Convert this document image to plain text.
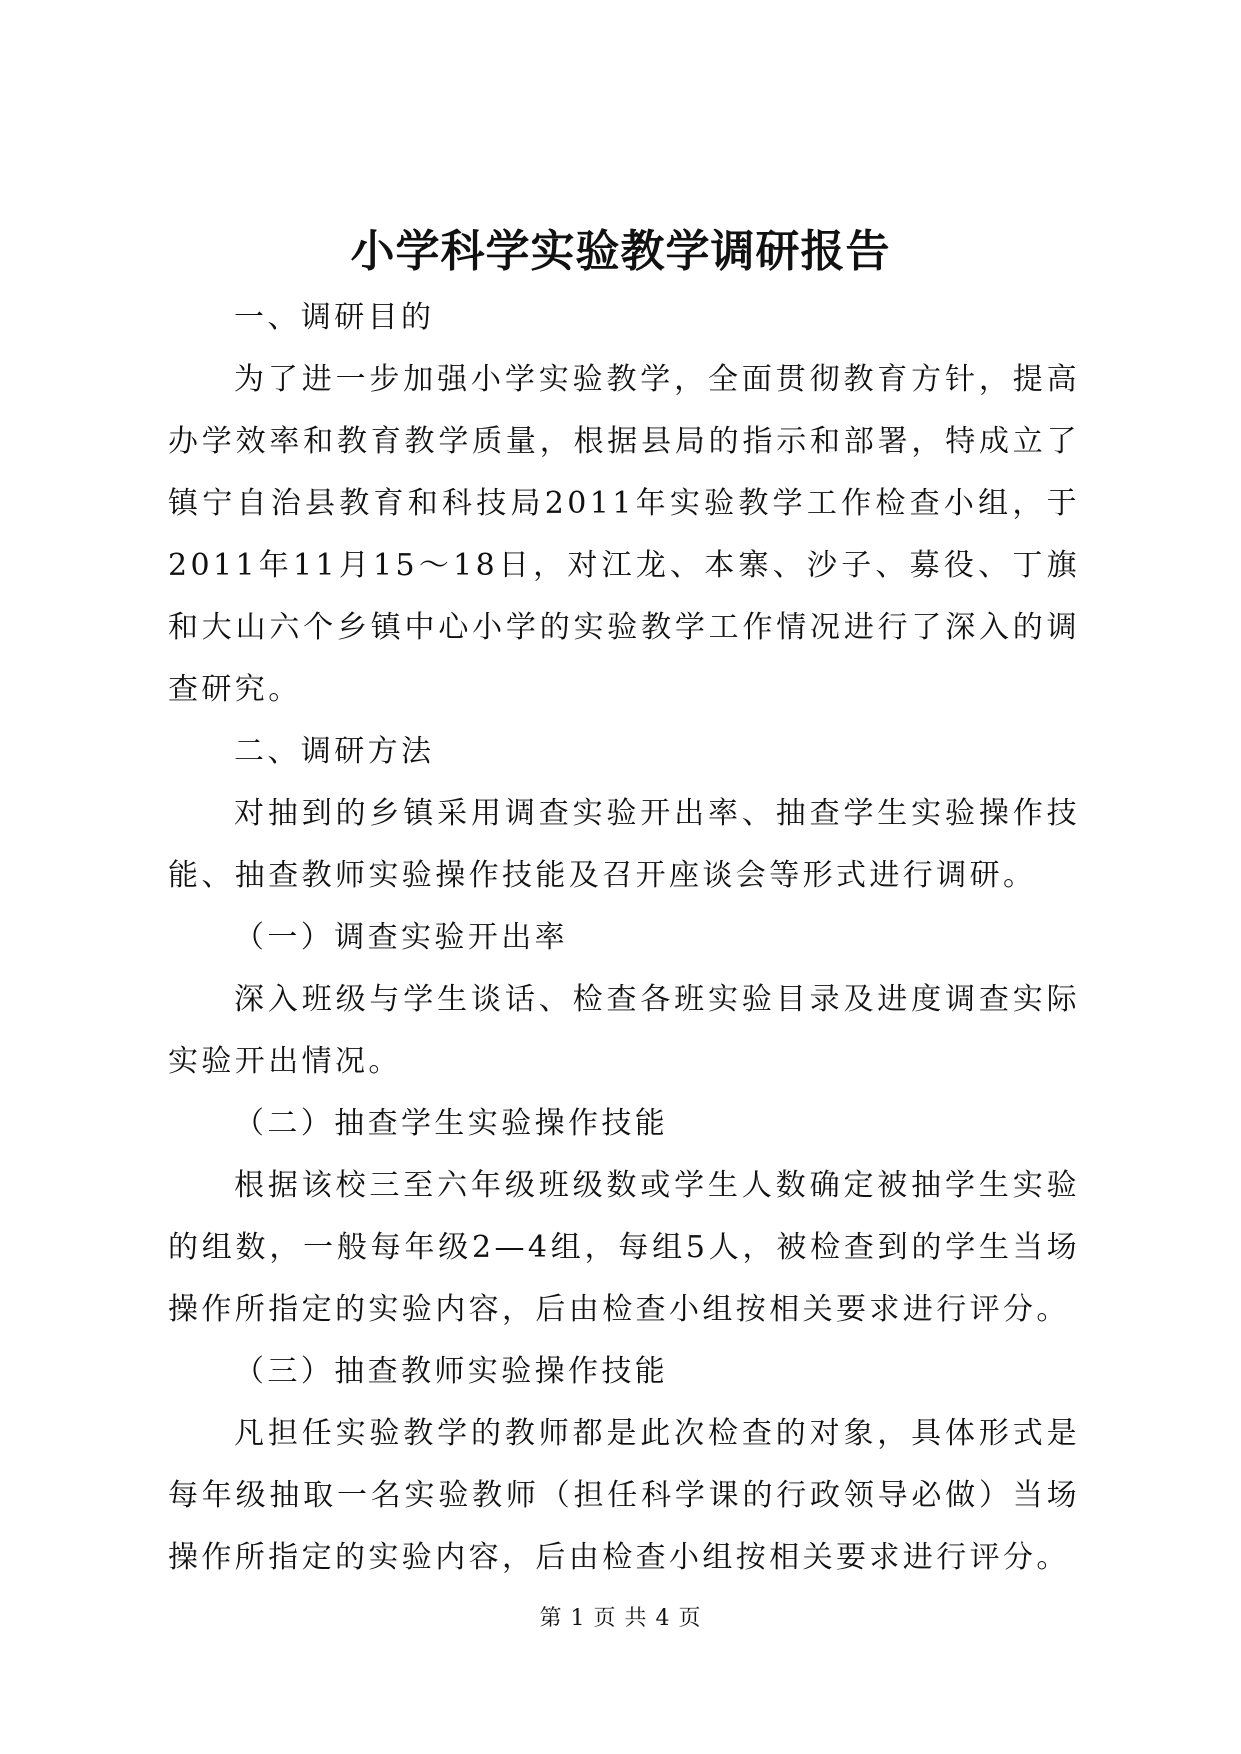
小学科学实验教学调研报告

一、调研目的

为了进一步加强小学实验教学，全面贯彻教育方针，提高办学效率和教育教学质量，根据县局的指示和部署，特成立了镇宁自治县教育和科技局2011年实验教学工作检查小组，于2011年11月15～18日，对江龙、本寨、沙子、募役、丁旗和大山六个乡镇中心小学的实验教学工作情况进行了深入的调查研究。

二、调研方法

对抽到的乡镇采用调查实验开出率、抽查学生实验操作技能、抽查教师实验操作技能及召开座谈会等形式进行调研。

（一）调查实验开出率

深入班级与学生谈话、检查各班实验目录及进度调查实际实验开出情况。

（二）抽查学生实验操作技能

根据该校三至六年级班级数或学生人数确定被抽学生实验的组数，一般每年级2—4组，每组5人，被检查到的学生当场操作所指定的实验内容，后由检查小组按相关要求进行评分。

（三）抽查教师实验操作技能

凡担任实验教学的教师都是此次检查的对象，具体形式是每年级抽取一名实验教师（担任科学课的行政领导必做）当场操作所指定的实验内容，后由检查小组按相关要求进行评分。

第 1 页 共 4 页
